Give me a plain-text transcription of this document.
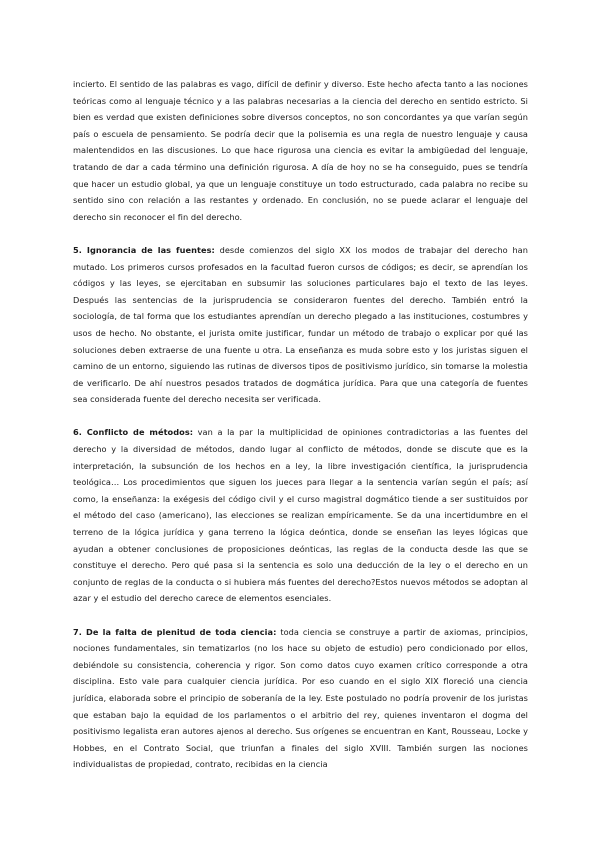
incierto. El sentido de las palabras es vago, difícil de definir y diverso. Este hecho afecta tanto a las nociones teóricas como al lenguaje técnico y a las palabras necesarias a la ciencia del derecho en sentido estricto. Si bien es verdad que existen definiciones sobre diversos conceptos, no son concordantes ya que varían según país o escuela de pensamiento. Se podría decir que la polisemia es una regla de nuestro lenguaje y causa malentendidos en las discusiones. Lo que hace rigurosa una ciencia es evitar la ambigüedad del lenguaje, tratando de dar a cada término una definición rigurosa. A día de hoy no se ha conseguido, pues se tendría que hacer un estudio global, ya que un lenguaje constituye un todo estructurado, cada palabra no recibe su sentido sino con relación a las restantes y ordenado. En conclusión, no se puede aclarar el lenguaje del derecho sin reconocer el fin del derecho.

5. Ignorancia de las fuentes: desde comienzos del siglo XX los modos de trabajar del derecho han mutado. Los primeros cursos profesados en la facultad fueron cursos de códigos; es decir, se aprendían los códigos y las leyes, se ejercitaban en subsumir las soluciones particulares bajo el texto de las leyes. Después las sentencias de la jurisprudencia se consideraron fuentes del derecho. También entró la sociología, de tal forma que los estudiantes aprendían un derecho plegado a las instituciones, costumbres y usos de hecho. No obstante, el jurista omite justificar, fundar un método de trabajo o explicar por qué las soluciones deben extraerse de una fuente u otra. La enseñanza es muda sobre esto y los juristas siguen el camino de un entorno, siguiendo las rutinas de diversos tipos de positivismo jurídico, sin tomarse la molestia de verificarlo. De ahí nuestros pesados tratados de dogmática jurídica. Para que una categoría de fuentes sea considerada fuente del derecho necesita ser verificada.

6. Conflicto de métodos: van a la par la multiplicidad de opiniones contradictorias a las fuentes del derecho y la diversidad de métodos, dando lugar al conflicto de métodos, donde se discute que es la interpretación, la subsunción de los hechos en a ley, la libre investigación científica, la jurisprudencia teológica… Los procedimientos que siguen los jueces para llegar a la sentencia varían según el país; así como, la enseñanza: la exégesis del código civil y el curso magistral dogmático tiende a ser sustituidos por el método del caso (americano), las elecciones se realizan empíricamente. Se da una incertidumbre en el terreno de la lógica jurídica y gana terreno la lógica deóntica, donde se enseñan las leyes lógicas que ayudan a obtener conclusiones de proposiciones deónticas, las reglas de la conducta desde las que se constituye el derecho. Pero qué pasa si la sentencia es solo una deducción de la ley o el derecho en un conjunto de reglas de la conducta o si hubiera más fuentes del derecho?Estos nuevos métodos se adoptan al azar y el estudio del derecho carece de elementos esenciales.

7. De la falta de plenitud de toda ciencia: toda ciencia se construye a partir de axiomas, principios, nociones fundamentales, sin tematizarlos (no los hace su objeto de estudio) pero condicionado por ellos, debiéndole su consistencia, coherencia y rigor. Son como datos cuyo examen crítico corresponde a otra disciplina. Esto vale para cualquier ciencia jurídica. Por eso cuando en el siglo XIX floreció una ciencia jurídica, elaborada sobre el principio de soberanía de la ley. Este postulado no podría provenir de los juristas que estaban bajo la equidad de los parlamentos o el arbitrio del rey, quienes inventaron el dogma del positivismo legalista eran autores ajenos al derecho. Sus orígenes se encuentran en Kant, Rousseau, Locke y Hobbes, en el Contrato Social, que triunfan a finales del siglo XVIII. También surgen las nociones individualistas de propiedad, contrato, recibidas en la ciencia
